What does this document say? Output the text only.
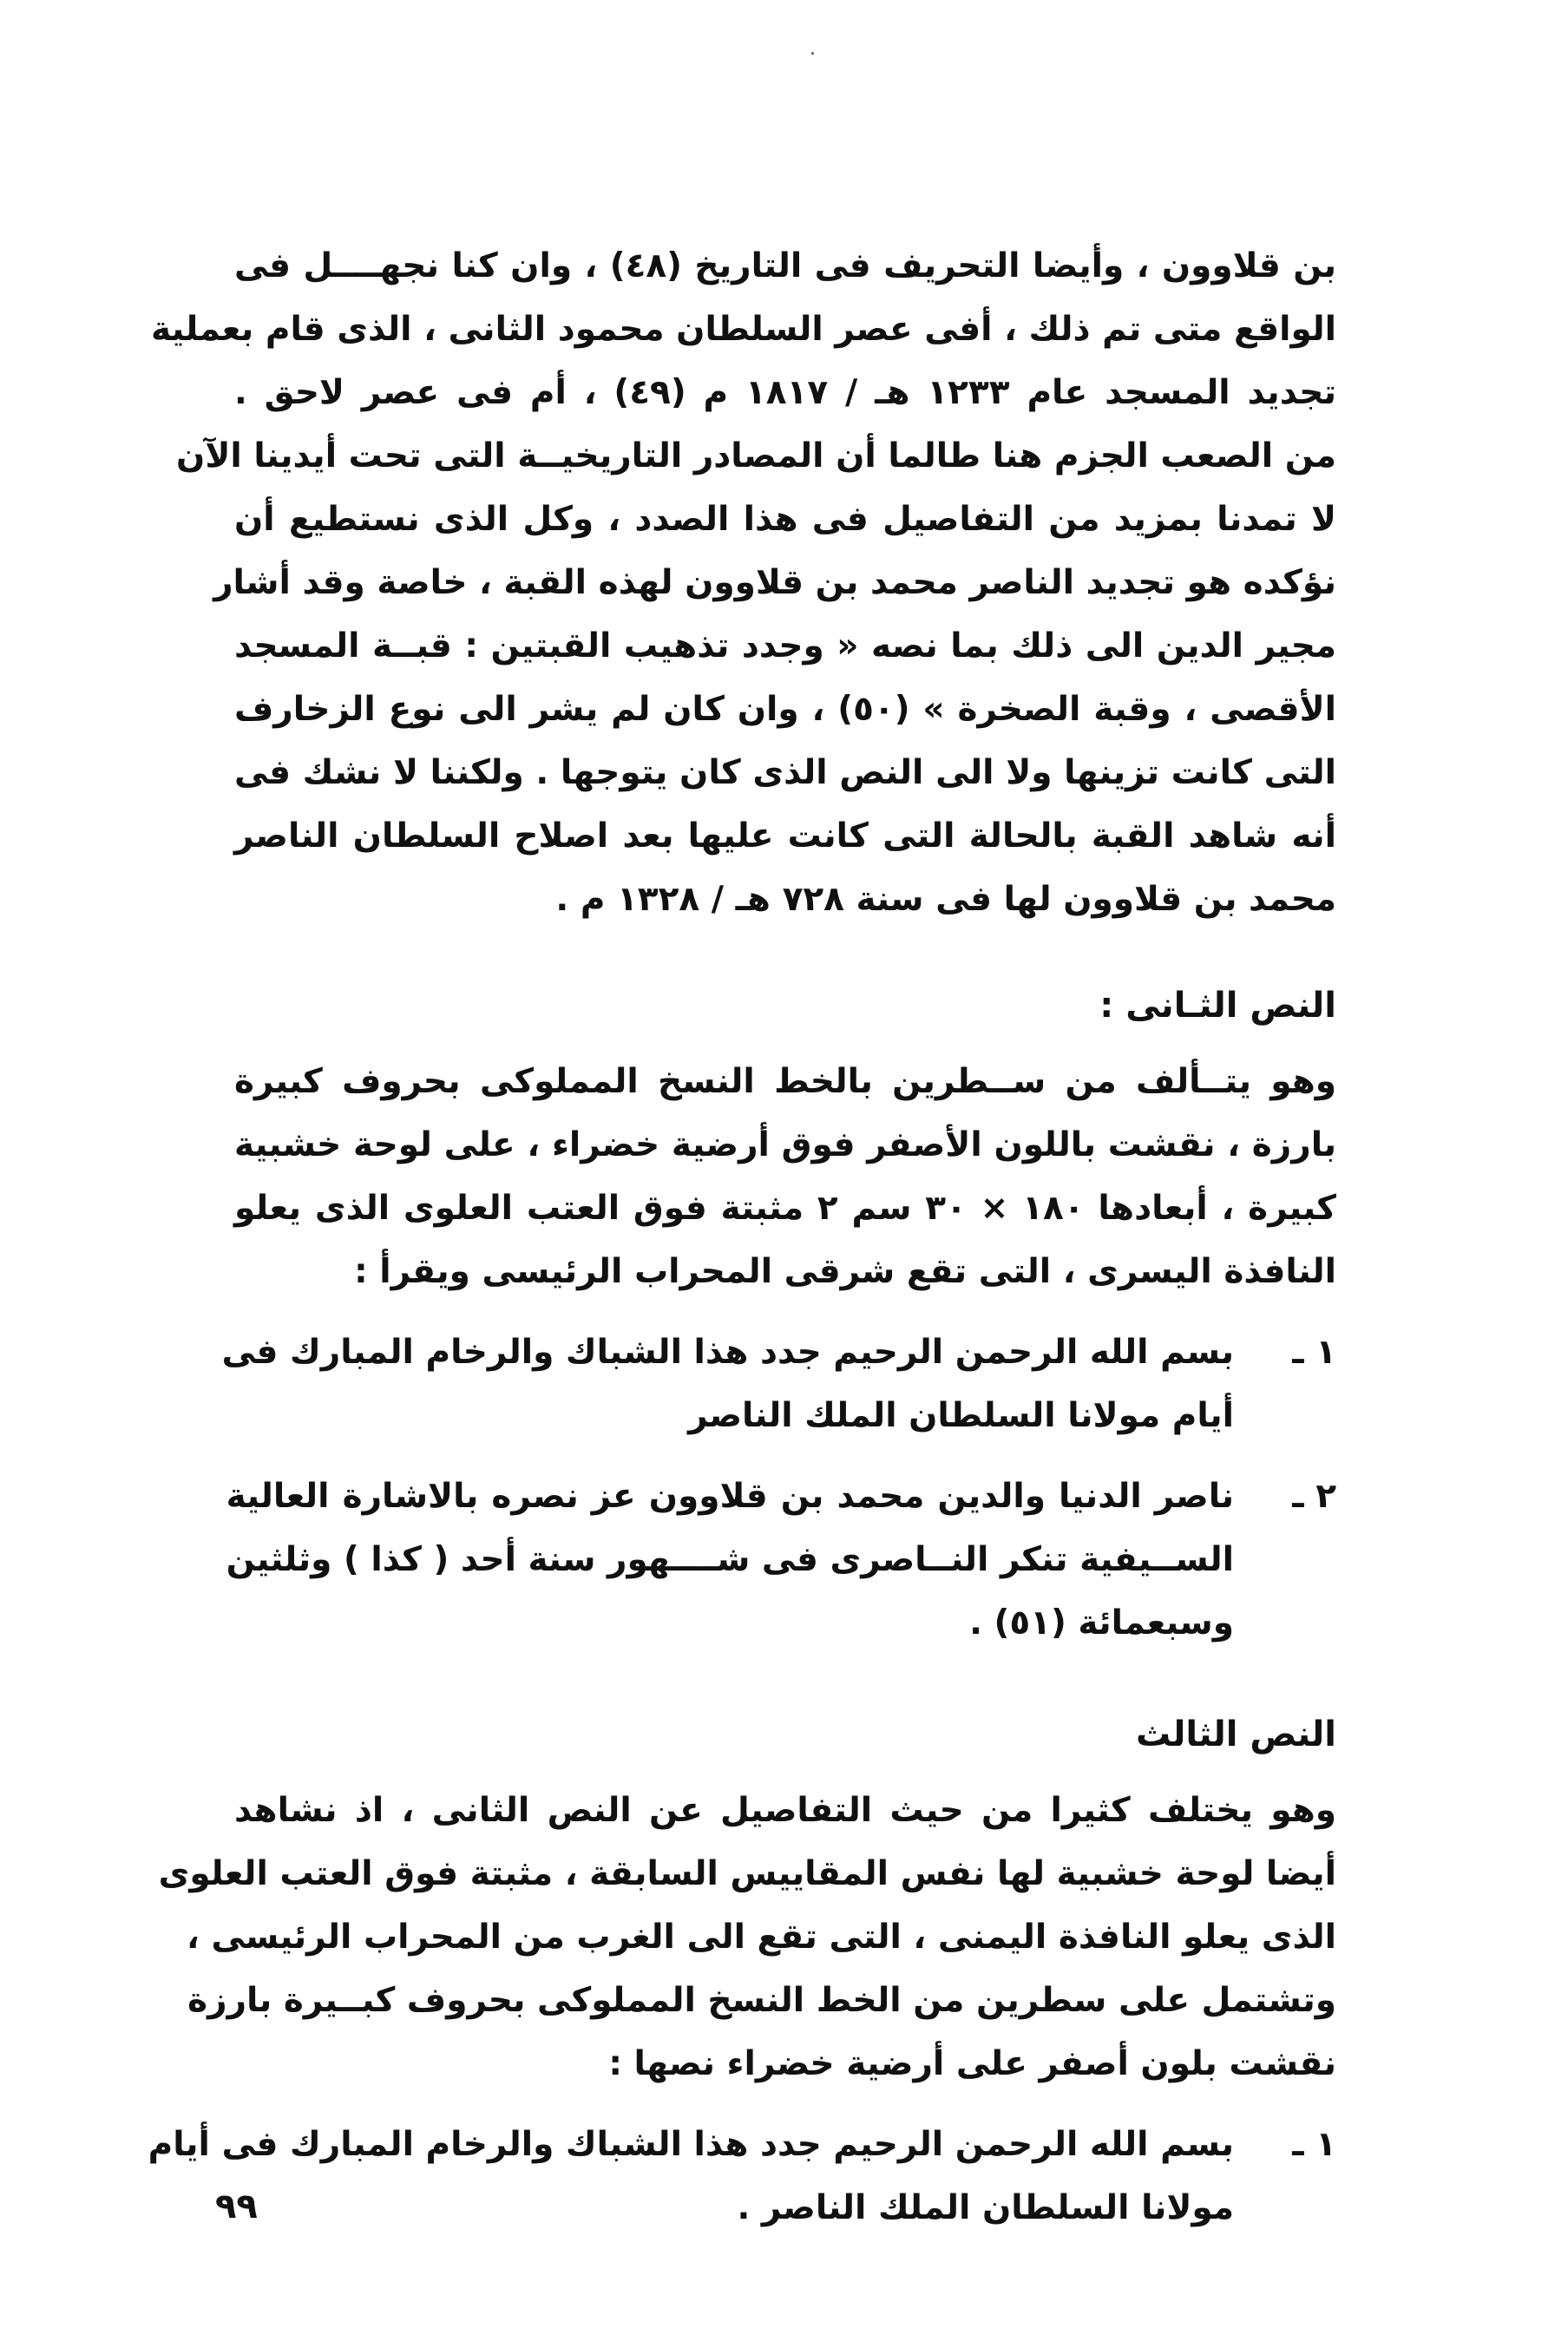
بن قلاوون ، وأيضا التحريف فى التاريخ (٤٨) ، وان كنا نجهــــل فى
الواقع متى تم ذلك ، أفى عصر السلطان محمود الثانى ، الذى قام بعملية
تجديد المسجد عام ١٢٣٣ هـ / ١٨١٧ م (٤٩) ، أم فى عصر لاحق .
من الصعب الجزم هنا طالما أن المصادر التاريخيــة التى تحت أيدينا الآن
لا تمدنا بمزيد من التفاصيل فى هذا الصدد ، وكل الذى نستطيع أن
نؤكده هو تجديد الناصر محمد بن قلاوون لهذه القبة ، خاصة وقد أشار
مجير الدين الى ذلك بما نصه « وجدد تذهيب القبتين : قبــة المسجد
الأقصى ، وقبة الصخرة » (٥٠) ، وان كان لم يشر الى نوع الزخارف
التى كانت تزينها ولا الى النص الذى كان يتوجها . ولكننا لا نشك فى
أنه شاهد القبة بالحالة التى كانت عليها بعد اصلاح السلطان الناصر
محمد بن قلاوون لها فى سنة ٧٢٨ هـ / ١٣٢٨ م .
النص الثـانى :
وهو يتــألف من ســطرين بالخط النسخ المملوكى بحروف كبيرة
بارزة ، نقشت باللون الأصفر فوق أرضية خضراء ، على لوحة خشبية
كبيرة ، أبعادها ١٨٠ × ٣٠ سم ٢ مثبتة فوق العتب العلوى الذى يعلو
النافذة اليسرى ، التى تقع شرقى المحراب الرئيسى ويقرأ :
١ ـ
بسم الله الرحمن الرحيم جدد هذا الشباك والرخام المبارك فى
أيام مولانا السلطان الملك الناصر
٢ ـ
ناصر الدنيا والدين محمد بن قلاوون عز نصره بالاشارة العالية
الســيفية تنكر النــاصرى فى شــــهور سنة أحد ( كذا ) وثلثين
وسبعمائة (٥١) .
النص الثالث
وهو يختلف كثيرا من حيث التفاصيل عن النص الثانى ، اذ نشاهد
أيضا لوحة خشبية لها نفس المقاييس السابقة ، مثبتة فوق العتب العلوى
الذى يعلو النافذة اليمنى ، التى تقع الى الغرب من المحراب الرئيسى ،
وتشتمل على سطرين من الخط النسخ المملوكى بحروف كبــيرة بارزة
نقشت بلون أصفر على أرضية خضراء نصها :
١ ـ
بسم الله الرحمن الرحيم جدد هذا الشباك والرخام المبارك فى أيام
مولانا السلطان الملك الناصر .
٩٩
